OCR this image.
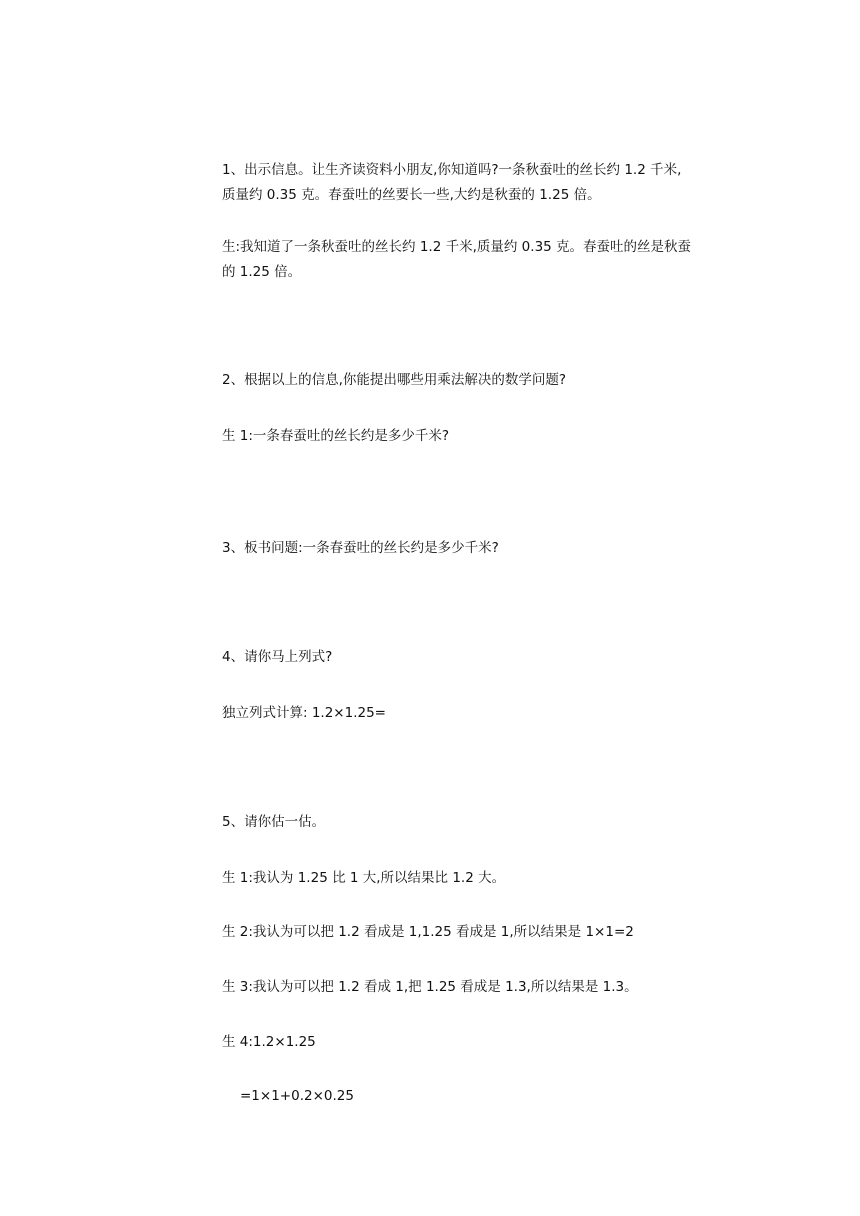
1、出示信息。让生齐读资料小朋友,你知道吗?一条秋蚕吐的丝长约 1.2 千米,
质量约 0.35 克。春蚕吐的丝要长一些,大约是秋蚕的 1.25 倍。
生:我知道了一条秋蚕吐的丝长约 1.2 千米,质量约 0.35 克。春蚕吐的丝是秋蚕
的 1.25 倍。
2、根据以上的信息,你能提出哪些用乘法解决的数学问题?
生 1:一条春蚕吐的丝长约是多少千米?
3、板书问题:一条春蚕吐的丝长约是多少千米?
4、请你马上列式?
独立列式计算: 1.2×1.25=
5、请你估一估。
生 1:我认为 1.25 比 1 大,所以结果比 1.2 大。
生 2:我认为可以把 1.2 看成是 1,1.25 看成是 1,所以结果是 1×1=2
生 3:我认为可以把 1.2 看成 1,把 1.25 看成是 1.3,所以结果是 1.3。
生 4:1.2×1.25
=1×1+0.2×0.25
